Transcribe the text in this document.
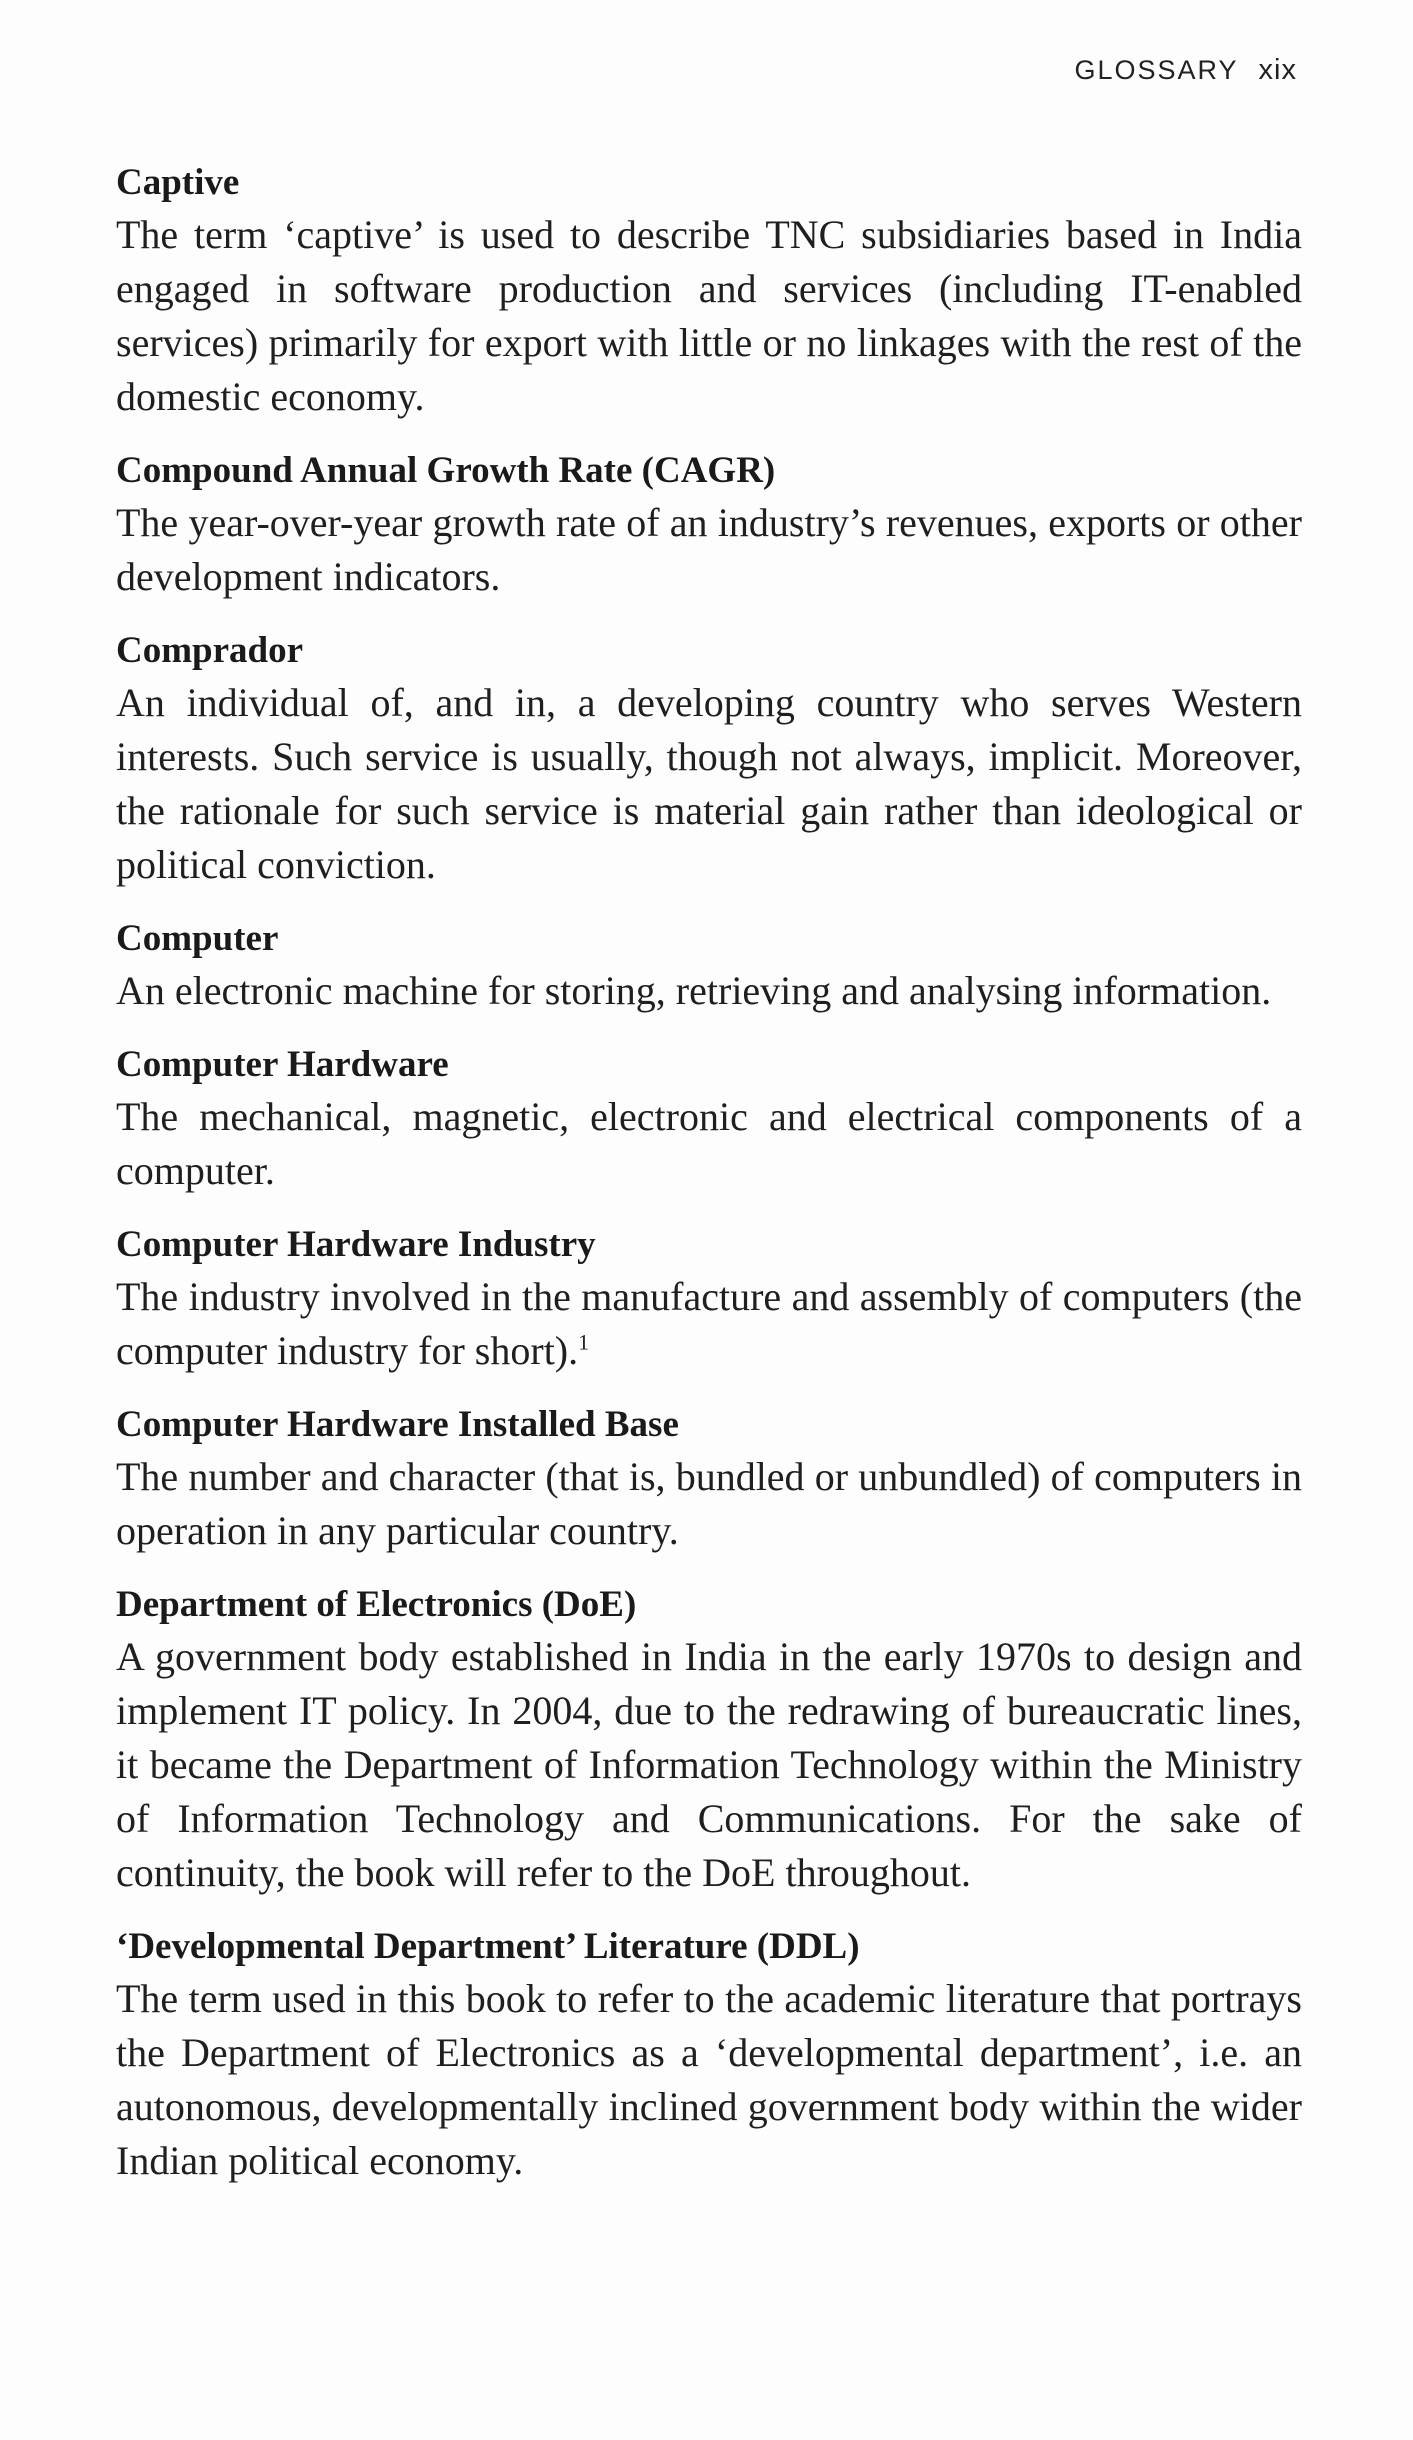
GLOSSARY xix
Captive
The term ‘captive’ is used to describe TNC subsidiaries based in India engaged in software production and services (including IT-enabled services) primarily for export with little or no linkages with the rest of the domestic economy.
Compound Annual Growth Rate (CAGR)
The year-over-year growth rate of an industry’s revenues, exports or other development indicators.
Comprador
An individual of, and in, a developing country who serves Western interests. Such service is usually, though not always, implicit. Moreover, the rationale for such service is material gain rather than ideological or political conviction.
Computer
An electronic machine for storing, retrieving and analysing information.
Computer Hardware
The mechanical, magnetic, electronic and electrical components of a computer.
Computer Hardware Industry
The industry involved in the manufacture and assembly of computers (the computer industry for short).$^1$
Computer Hardware Installed Base
The number and character (that is, bundled or unbundled) of computers in operation in any particular country.
Department of Electronics (DoE)
A government body established in India in the early 1970s to design and implement IT policy. In 2004, due to the redrawing of bureaucratic lines, it became the Department of Information Technology within the Ministry of Information Technology and Communications. For the sake of continuity, the book will refer to the DoE throughout.
‘Developmental Department’ Literature (DDL)
The term used in this book to refer to the academic literature that portrays the Department of Electronics as a ‘developmental department’, i.e. an autonomous, developmentally inclined government body within the wider Indian political economy.
